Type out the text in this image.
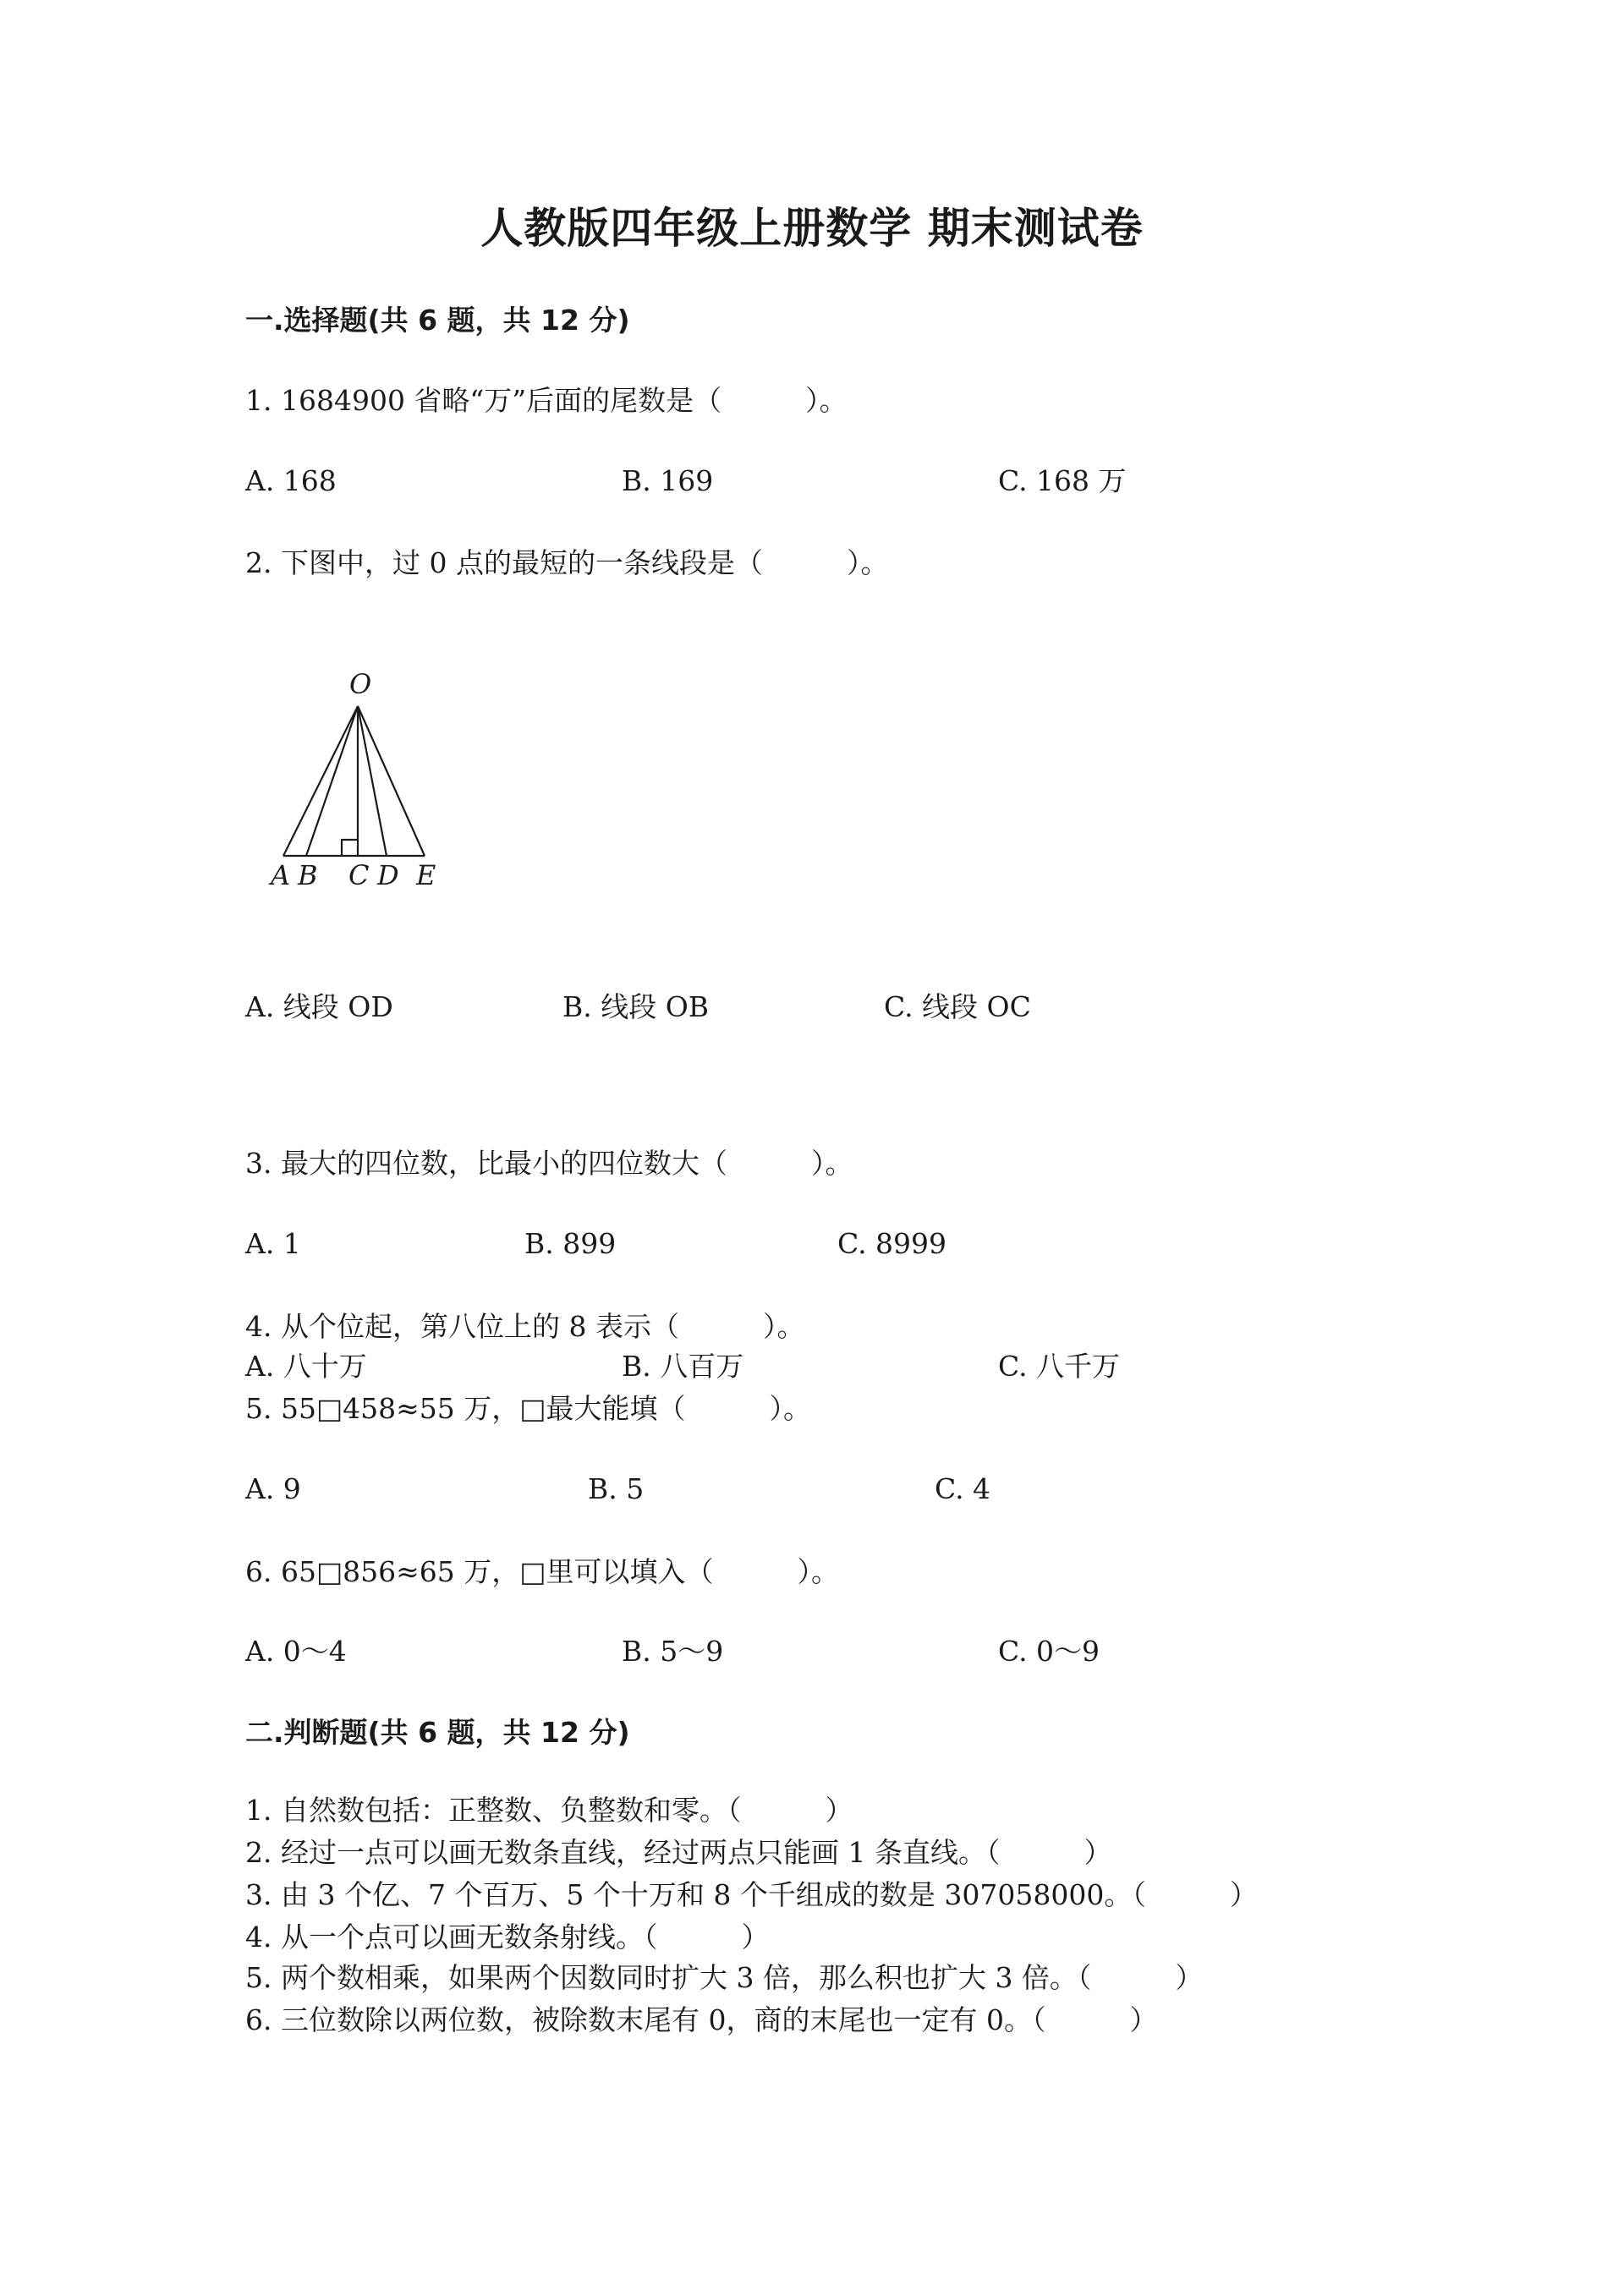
人教版四年级上册数学 期末测试卷
一.选择题(共 6 题，共 12 分)
1. 1684900 省略“万”后面的尾数是（　　　）。
A. 168	B. 169	C. 168 万
2. 下图中，过 0 点的最短的一条线段是（　　　）。
O
A B C D E
A. 线段 OD	B. 线段 OB	C. 线段 OC
3. 最大的四位数，比最小的四位数大（　　　）。
A. 1	B. 899	C. 8999
4. 从个位起，第八位上的 8 表示（　　　）。
A. 八十万	B. 八百万	C. 八千万
5. 55□458≈55 万，□最大能填（　　　）。
A. 9	B. 5	C. 4
6. 65□856≈65 万，□里可以填入（　　　）。
A. 0～4	B. 5～9	C. 0～9
二.判断题(共 6 题，共 12 分)
1. 自然数包括：正整数、负整数和零。（　　　）
2. 经过一点可以画无数条直线，经过两点只能画 1 条直线。（　　　）
3. 由 3 个亿、7 个百万、5 个十万和 8 个千组成的数是 307058000。（　　　）
4. 从一个点可以画无数条射线。（　　　）
5. 两个数相乘，如果两个因数同时扩大 3 倍，那么积也扩大 3 倍。（　　　）
6. 三位数除以两位数，被除数末尾有 0，商的末尾也一定有 0。（　　　）
